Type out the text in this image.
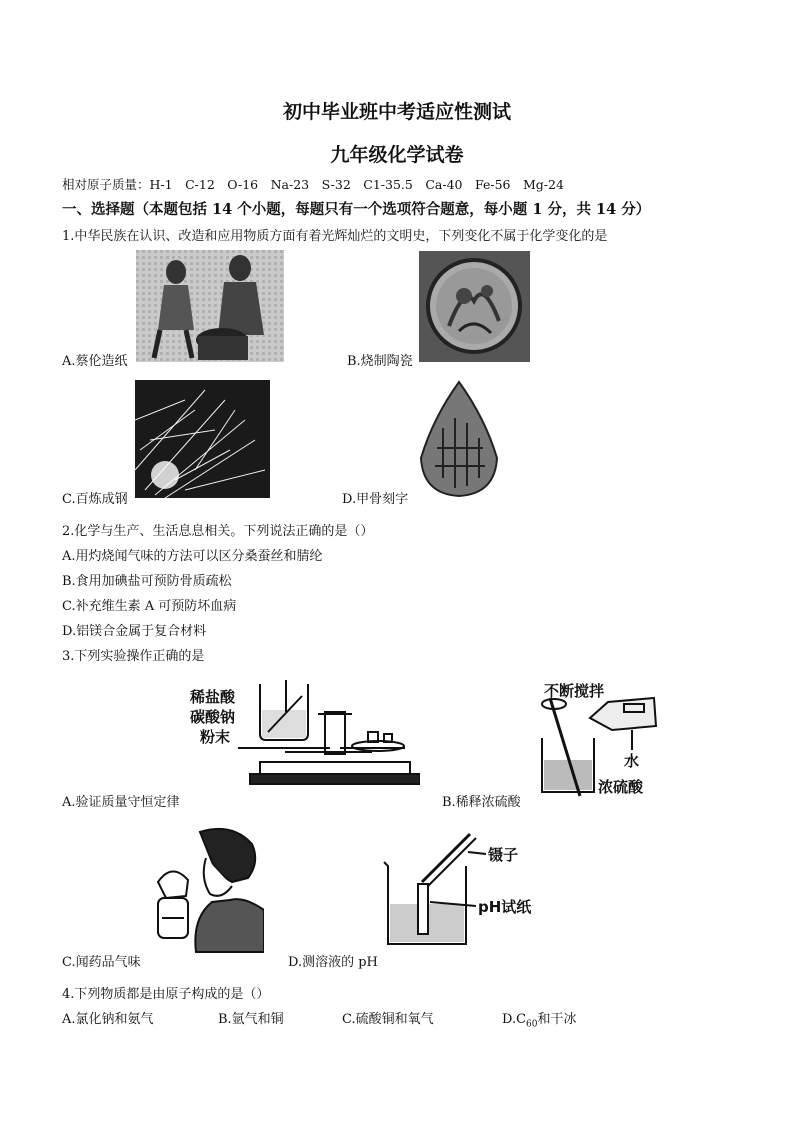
初中毕业班中考适应性测试
九年级化学试卷
相对原子质量：H-1　C-12　O-16　Na-23　S-32　C1-35.5　Ca-40　Fe-56　Mg-24
一、选择题（本题包括 14 个小题，每题只有一个选项符合题意，每小题 1 分，共 14 分）
1.中华民族在认识、改造和应用物质方面有着光辉灿烂的文明史，下列变化不属于化学变化的是
A.蔡伦造纸	B.烧制陶瓷
C.百炼成钢	D.甲骨刻字
2.化学与生产、生活息息相关。下列说法正确的是（）
A.用灼烧闻气味的方法可以区分桑蚕丝和腈纶
B.食用加碘盐可预防骨质疏松
C.补充维生素 A 可预防坏血病
D.铝镁合金属于复合材料
3.下列实验操作正确的是
稀盐酸
碳酸钠
粉末
A.验证质量守恒定律
不断搅拌
水
浓硫酸
B.稀释浓硫酸
C.闻药品气味
镊子
pH试纸
D.测溶液的 pH
4.下列物质都是由原子构成的是（）
A.氯化钠和氨气	B.氩气和铜	C.硫酸铜和氧气	$D.C_{60}$和干冰
